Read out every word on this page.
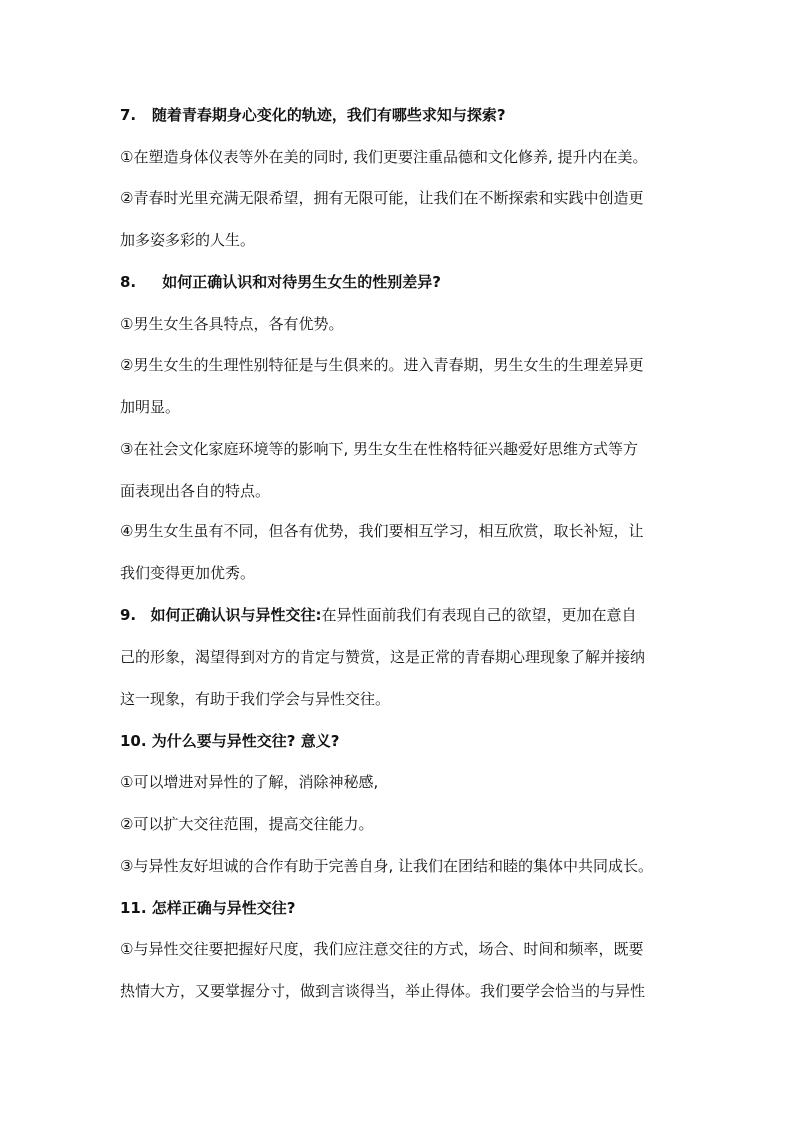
7. 随着青春期身心变化的轨迹，我们有哪些求知与探索?
①在塑造身体仪表等外在美的同时, 我们更要注重品德和文化修养, 提升内在美。
②青春时光里充满无限希望，拥有无限可能，让我们在不断探索和实践中创造更
加多姿多彩的人生。
8. 如何正确认识和对待男生女生的性别差异?
①男生女生各具特点，各有优势。
②男生女生的生理性别特征是与生俱来的。进入青春期，男生女生的生理差异更
加明显。
③在社会文化家庭环境等的影响下, 男生女生在性格特征兴趣爱好思维方式等方
面表现出各自的特点。
④男生女生虽有不同，但各有优势，我们要相互学习，相互欣赏，取长补短，让
我们变得更加优秀。
9. 如何正确认识与异性交往:在异性面前我们有表现自己的欲望，更加在意自
己的形象，渴望得到对方的肯定与赞赏，这是正常的青春期心理现象了解并接纳
这一现象，有助于我们学会与异性交往。
10. 为什么要与异性交往? 意义?
①可以增进对异性的了解，消除神秘感,
②可以扩大交往范围，提高交往能力。
③与异性友好坦诚的合作有助于完善自身, 让我们在团结和睦的集体中共同成长。
11. 怎样正确与异性交往?
①与异性交往要把握好尺度，我们应注意交往的方式，场合、时间和频率，既要
热情大方，又要掌握分寸，做到言谈得当，举止得体。我们要学会恰当的与异性
